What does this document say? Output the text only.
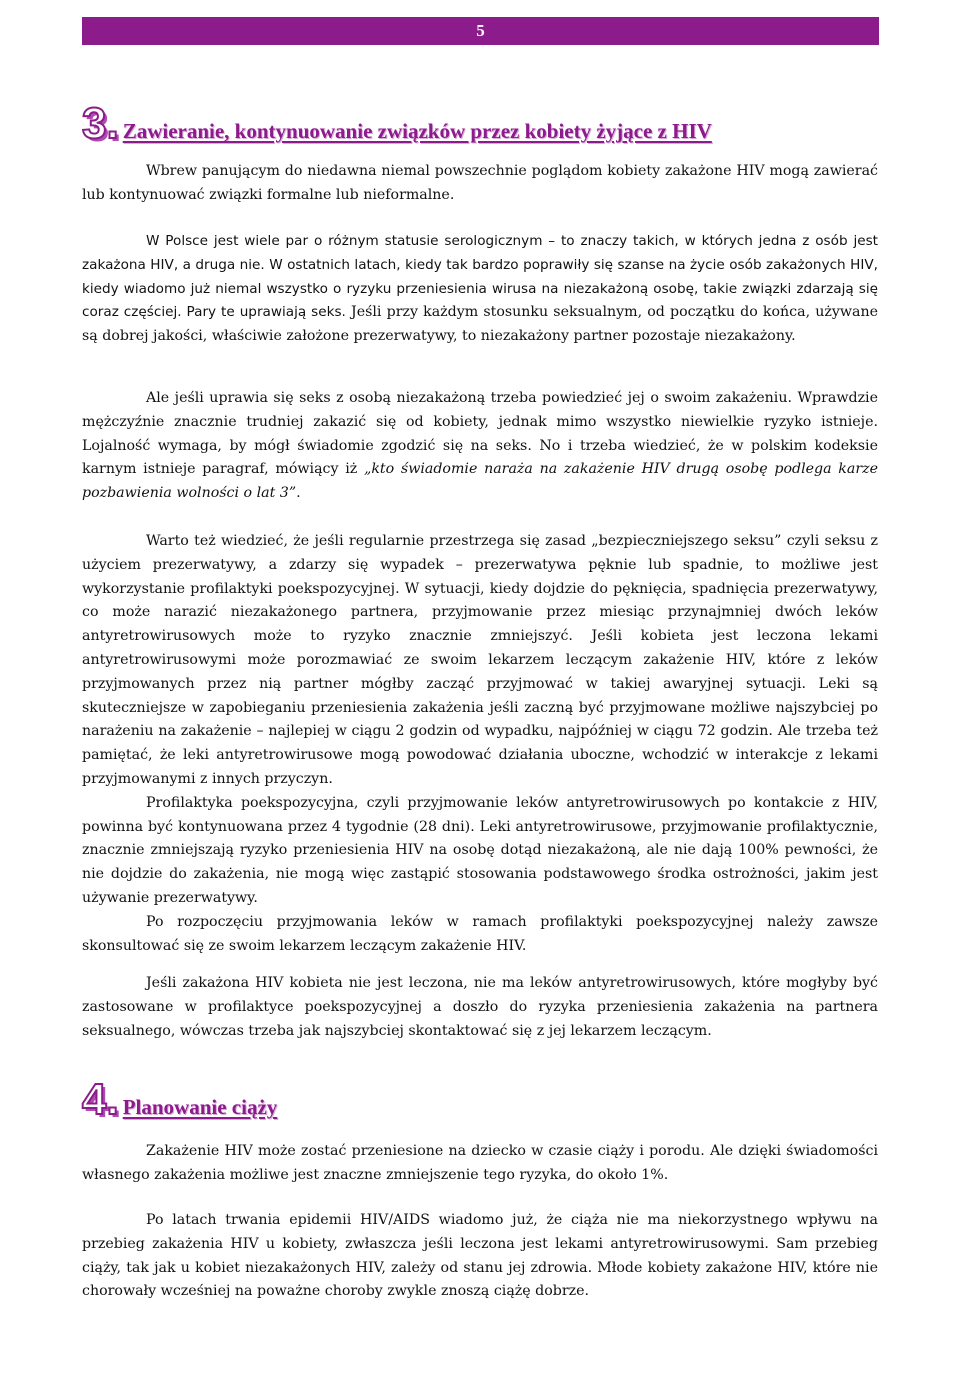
5
3. Zawieranie, kontynuowanie związków przez kobiety żyjące z HIV

Wbrew panującym do niedawna niemal powszechnie poglądom kobiety zakażone HIV mogą zawierać lub kontynuować związki formalne lub nieformalne.

W Polsce jest wiele par o różnym statusie serologicznym – to znaczy takich, w których jedna z osób jest zakażona HIV, a druga nie. W ostatnich latach, kiedy tak bardzo poprawiły się szanse na życie osób zakażonych HIV, kiedy wiadomo już niemal wszystko o ryzyku przeniesienia wirusa na niezakażoną osobę, takie związki zdarzają się coraz częściej. Pary te uprawiają seks. Jeśli przy każdym stosunku seksualnym, od początku do końca, używane są dobrej jakości, właściwie założone prezerwatywy, to niezakażony partner pozostaje niezakażony.

Ale jeśli uprawia się seks z osobą niezakażoną trzeba powiedzieć jej o swoim zakażeniu. Wprawdzie mężczyźnie znacznie trudniej zakazić się od kobiety, jednak mimo wszystko niewielkie ryzyko istnieje. Lojalność wymaga, by mógł świadomie zgodzić się na seks. No i trzeba wiedzieć, że w polskim kodeksie karnym istnieje paragraf, mówiący iż „kto świadomie naraża na zakażenie HIV drugą osobę podlega karze pozbawienia wolności o lat 3”.

Warto też wiedzieć, że jeśli regularnie przestrzega się zasad „bezpieczniejszego seksu” czyli seksu z użyciem prezerwatywy, a zdarzy się wypadek – prezerwatywa pęknie lub spadnie, to możliwe jest wykorzystanie profilaktyki poekspozycyjnej. W sytuacji, kiedy dojdzie do pęknięcia, spadnięcia prezerwatywy, co może narazić niezakażonego partnera, przyjmowanie przez miesiąc przynajmniej dwóch leków antyretrowirusowych może to ryzyko znacznie zmniejszyć. Jeśli kobieta jest leczona lekami antyretrowirusowymi może porozmawiać ze swoim lekarzem leczącym zakażenie HIV, które z leków przyjmowanych przez nią partner mógłby zacząć przyjmować w takiej awaryjnej sytuacji. Leki są skuteczniejsze w zapobieganiu przeniesienia zakażenia jeśli zaczną być przyjmowane możliwe najszybciej po narażeniu na zakażenie – najlepiej w ciągu 2 godzin od wypadku, najpóźniej w ciągu 72 godzin. Ale trzeba też pamiętać, że leki antyretrowirusowe mogą powodować działania uboczne, wchodzić w interakcje z lekami przyjmowanymi z innych przyczyn.

Profilaktyka poekspozycyjna, czyli przyjmowanie leków antyretrowirusowych po kontakcie z HIV, powinna być kontynuowana przez 4 tygodnie (28 dni). Leki antyretrowirusowe, przyjmowanie profilaktycznie, znacznie zmniejszają ryzyko przeniesienia HIV na osobę dotąd niezakażoną, ale nie dają 100% pewności, że nie dojdzie do zakażenia, nie mogą więc zastąpić stosowania podstawowego środka ostrożności, jakim jest używanie prezerwatywy.

Po rozpoczęciu przyjmowania leków w ramach profilaktyki poekspozycyjnej należy zawsze skonsultować się ze swoim lekarzem leczącym zakażenie HIV.

Jeśli zakażona HIV kobieta nie jest leczona, nie ma leków antyretrowirusowych, które mogłyby być zastosowane w profilaktyce poekspozycyjnej a doszło do ryzyka przeniesienia zakażenia na partnera seksualnego, wówczas trzeba jak najszybciej skontaktować się z jej lekarzem leczącym.

4. Planowanie ciąży

Zakażenie HIV może zostać przeniesione na dziecko w czasie ciąży i porodu. Ale dzięki świadomości własnego zakażenia możliwe jest znaczne zmniejszenie tego ryzyka, do około 1%.

Po latach trwania epidemii HIV/AIDS wiadomo już, że ciąża nie ma niekorzystnego wpływu na przebieg zakażenia HIV u kobiety, zwłaszcza jeśli leczona jest lekami antyretrowirusowymi. Sam przebieg ciąży, tak jak u kobiet niezakażonych HIV, zależy od stanu jej zdrowia. Młode kobiety zakażone HIV, które nie chorowały wcześniej na poważne choroby zwykle znoszą ciążę dobrze.
